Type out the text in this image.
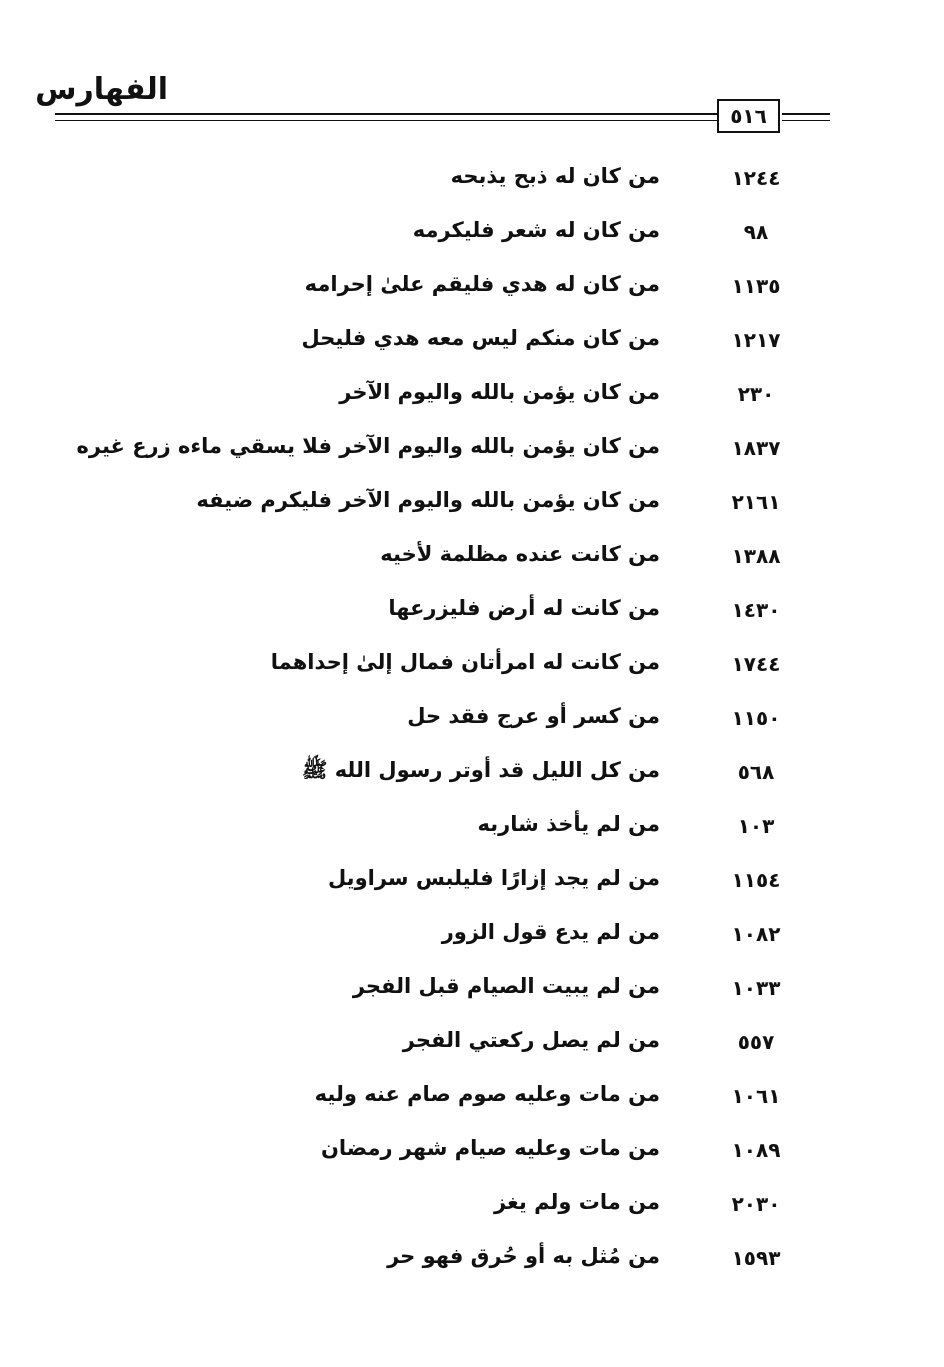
الفهارس
٥١٦
١٢٤٤
من كان له ذبح يذبحه
٩٨
من كان له شعر فليكرمه
١١٣٥
من كان له هدي فليقم علىٰ إحرامه
١٢١٧
من كان منكم ليس معه هدي فليحل
٢٣٠
من كان يؤمن بالله واليوم الآخر
١٨٣٧
من كان يؤمن بالله واليوم الآخر فلا يسقي ماءه زرع غيره
٢١٦١
من كان يؤمن بالله واليوم الآخر فليكرم ضيفه
١٣٨٨
من كانت عنده مظلمة لأخيه
١٤٣٠
من كانت له أرض فليزرعها
١٧٤٤
من كانت له امرأتان فمال إلىٰ إحداهما
١١٥٠
من كسر أو عرج فقد حل
٥٦٨
من كل الليل قد أوتر رسول الله ﷺ
١٠٣
من لم يأخذ شاربه
١١٥٤
من لم يجد إزارًا فليلبس سراويل
١٠٨٢
من لم يدع قول الزور
١٠٣٣
من لم يبيت الصيام قبل الفجر
٥٥٧
من لم يصل ركعتي الفجر
١٠٦١
من مات وعليه صوم صام عنه وليه
١٠٨٩
من مات وعليه صيام شهر رمضان
٢٠٣٠
من مات ولم يغز
١٥٩٣
من مُثل به أو حُرق فهو حر
